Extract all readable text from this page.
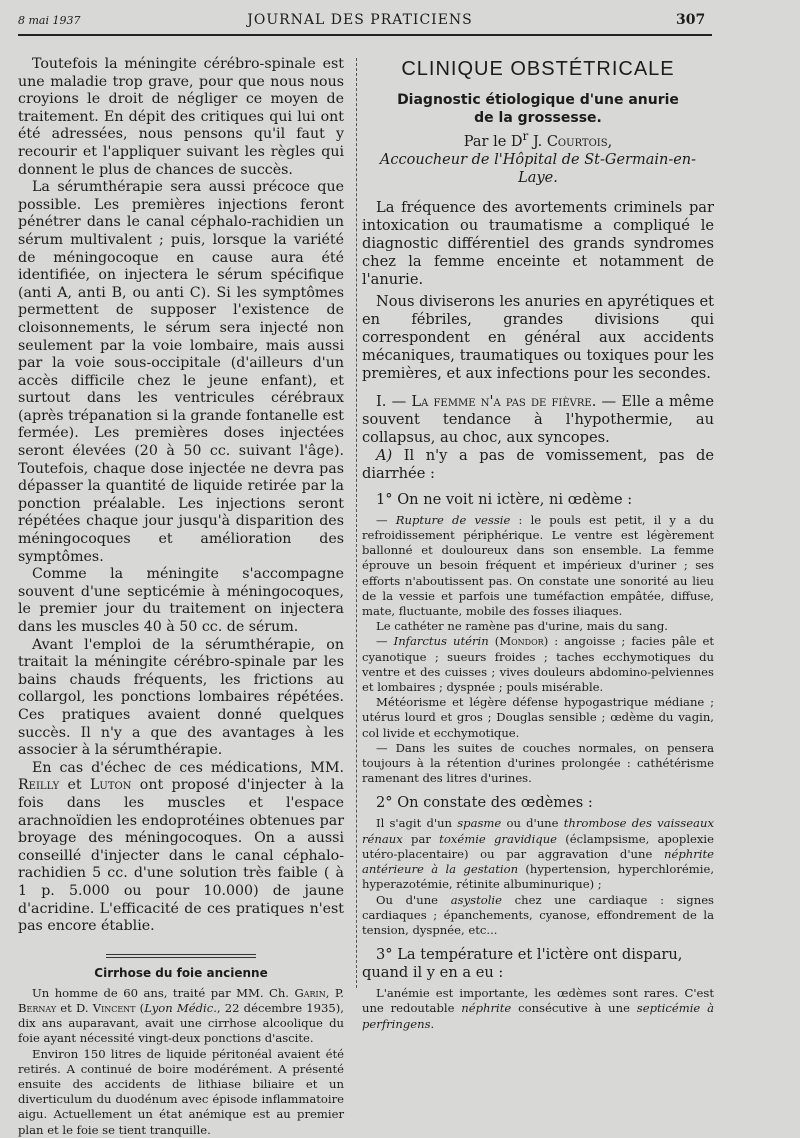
8 mai 1937	JOURNAL DES PRATICIENS	307

Toutefois la méningite cérébro-spinale est une maladie trop grave, pour que nous nous croyions le droit de négliger ce moyen de traitement. En dépit des critiques qui lui ont été adressées, nous pensons qu'il faut y recourir et l'appliquer suivant les règles qui donnent le plus de chances de succès.

La sérumthérapie sera aussi précoce que possible. Les premières injections feront pénétrer dans le canal céphalo-rachidien un sérum multivalent ; puis, lorsque la variété de méningocoque en cause aura été identifiée, on injectera le sérum spécifique (anti A, anti B, ou anti C). Si les symptômes permettent de supposer l'existence de cloisonnements, le sérum sera injecté non seulement par la voie lombaire, mais aussi par la voie sous-occipitale (d'ailleurs d'un accès difficile chez le jeune enfant), et surtout dans les ventricules cérébraux (après trépanation si la grande fontanelle est fermée). Les premières doses injectées seront élevées (20 à 50 cc. suivant l'âge). Toutefois, chaque dose injectée ne devra pas dépasser la quantité de liquide retirée par la ponction préalable. Les injections seront répétées chaque jour jusqu'à disparition des méningocoques et amélioration des symptômes.

Comme la méningite s'accompagne souvent d'une septicémie à méningocoques, le premier jour du traitement on injectera dans les muscles 40 à 50 cc. de sérum.

Avant l'emploi de la sérumthérapie, on traitait la méningite cérébro-spinale par les bains chauds fréquents, les frictions au collargol, les ponctions lombaires répétées. Ces pratiques avaient donné quelques succès. Il n'y a que des avantages à les associer à la sérumthérapie.

En cas d'échec de ces médications, MM. Reilly et Luton ont proposé d'injecter à la fois dans les muscles et l'espace arachnoïdien les endoprotéines obtenues par broyage des méningocoques. On a aussi conseillé d'injecter dans le canal céphalo-rachidien 5 cc. d'une solution très faible ( à 1 p. 5.000 ou pour 10.000) de jaune d'acridine. L'efficacité de ces pratiques n'est pas encore établie.

Cirrhose du foie ancienne

Un homme de 60 ans, traité par MM. Ch. Garin, P. Bernay et D. Vincent (Lyon Médic., 22 décembre 1935), dix ans auparavant, avait une cirrhose alcoolique du foie ayant nécessité vingt-deux ponctions d'ascite.

Environ 150 litres de liquide péritonéal avaient été retirés. A continué de boire modérément. A présenté ensuite des accidents de lithiase biliaire et un diverticulum du duodénum avec épisode inflammatoire aigu. Actuellement un état anémique est au premier plan et le foie se tient tranquille.

CLINIQUE OBSTÉTRICALE
Diagnostic étiologique d'une anurie
de la grossesse.
Par le $D^r$ J. Courtois,
Accoucheur de l'Hôpital de St-Germain-en-Laye.

La fréquence des avortements criminels par intoxication ou traumatisme a compliqué le diagnostic différentiel des grands syndromes chez la femme enceinte et notamment de l'anurie.

Nous diviserons les anuries en apyrétiques et en fébriles, grandes divisions qui correspondent en général aux accidents mécaniques, traumatiques ou toxiques pour les premières, et aux infections pour les secondes.

I. — La femme n'a pas de fièvre. — Elle a même souvent tendance à l'hypothermie, au collapsus, au choc, aux syncopes.

A) Il n'y a pas de vomissement, pas de diarrhée :

1° On ne voit ni ictère, ni œdème :

— Rupture de vessie : le pouls est petit, il y a du refroidissement périphérique. Le ventre est légèrement ballonné et douloureux dans son ensemble. La femme éprouve un besoin fréquent et impérieux d'uriner ; ses efforts n'aboutissent pas. On constate une sonorité au lieu de la vessie et parfois une tuméfaction empâtée, diffuse, mate, fluctuante, mobile des fosses iliaques.

Le cathéter ne ramène pas d'urine, mais du sang.

— Infarctus utérin (Mondor) : angoisse ; facies pâle et cyanotique ; sueurs froides ; taches ecchymotiques du ventre et des cuisses ; vives douleurs abdomino-pelviennes et lombaires ; dyspnée ; pouls misérable.

Météorisme et légère défense hypogastrique médiane ; utérus lourd et gros ; Douglas sensible ; œdème du vagin, col livide et ecchymotique.

— Dans les suites de couches normales, on pensera toujours à la rétention d'urines prolongée : cathétérisme ramenant des litres d'urines.

2° On constate des œdèmes :

Il s'agit d'un spasme ou d'une thrombose des vaisseaux rénaux par toxémie gravidique (éclampsisme, apoplexie utéro-placentaire) ou par aggravation d'une néphrite antérieure à la gestation (hypertension, hyperchlorémie, hyperazotémie, rétinite albuminurique) ;

Ou d'une asystolie chez une cardiaque : signes cardiaques ; épanchements, cyanose, effondrement de la tension, dyspnée, etc...

3° La température et l'ictère ont disparu, quand il y en a eu :

L'anémie est importante, les œdèmes sont rares. C'est une redoutable néphrite consécutive à une septicémie à perfringens.
